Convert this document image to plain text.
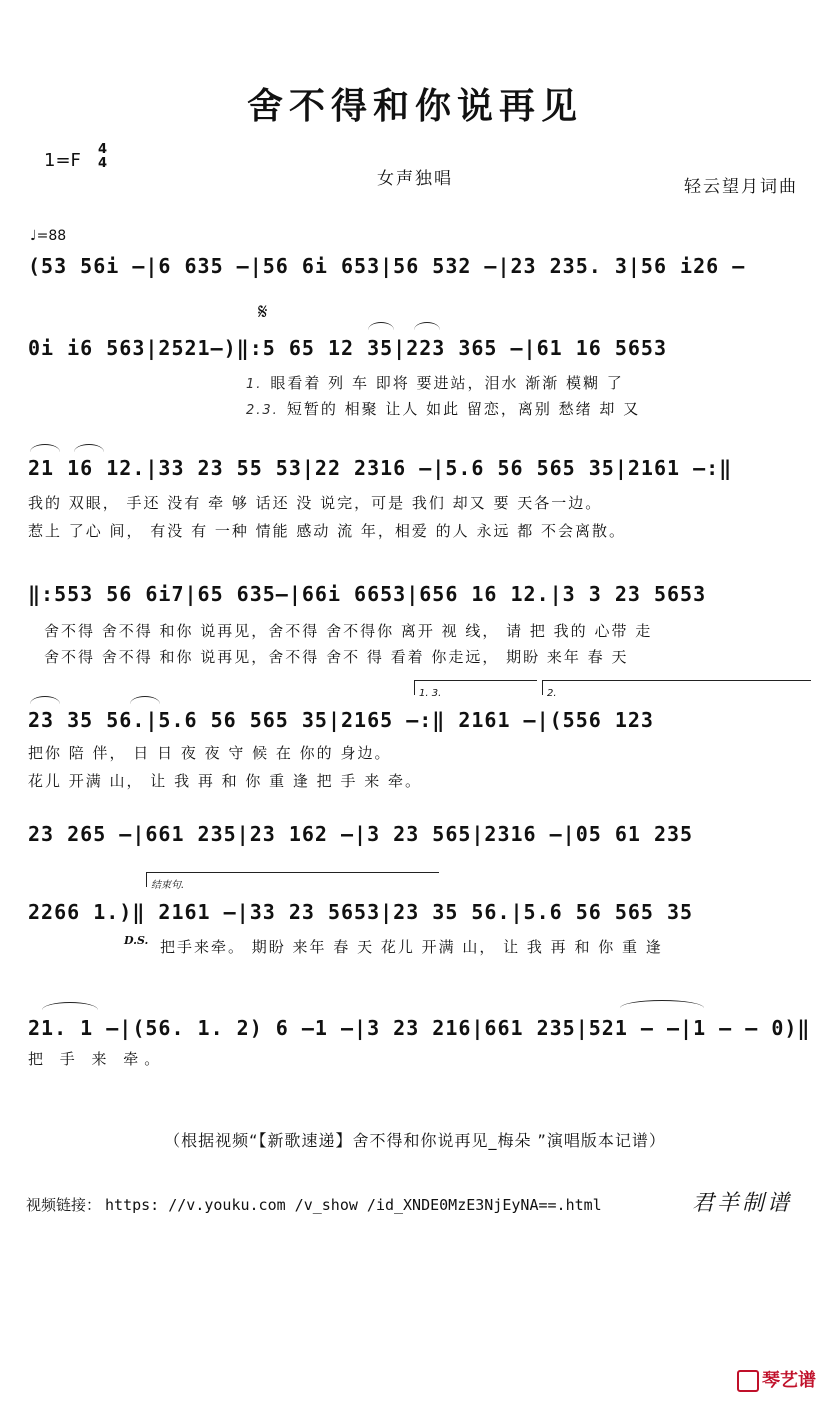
舍不得和你说再见
1=F
4
4
女声独唱	轻云望月词曲
♩=88
(53 56i –|6 635 –|56 6i 653|56 532 –|23 235. 3|56 i26 –
𝄋
0i i6 563|2521–)‖:5 65 12 35|223 365 –|61 16 5653
1. 眼看着 列 车 即将 要进站，泪水 渐渐 模糊 了
2.3. 短暂的 相聚 让人 如此 留恋，离别 愁绪 却 又
21 16 12.|33 23 55 53|22 2316 –|5.6 56 565 35|2161 –:‖
我的 双眼， 手还 没有 牵 够 话还 没 说完，可是 我们 却又 要 天各一边。
惹上 了心 间， 有没 有 一种 情能 感动 流 年，相爱 的人 永远 都 不会离散。
‖:553 56 6i7|65 635–|66i 6653|656 16 12.|3 3 23 5653
舍不得 舍不得 和你 说再见，舍不得 舍不得你 离开 视 线， 请 把 我的 心带 走
舍不得 舍不得 和你 说再见，舍不得 舍不 得 看着 你走远， 期盼 来年 春 天
1. 3.	2.
23 35 56.|5.6 56 565 35|2165 –:‖ 2161 –|(556 123
把你 陪 伴， 日 日 夜 夜 守 候 在 你的 身边。
花儿 开满 山， 让 我 再 和 你 重 逢 把 手 来 牵。
23 265 –|661 235|23 162 –|3 23 565|2316 –|05 61 235
结束句.
2266 1.)‖ 2161 –|33 23 5653|23 35 56.|5.6 56 565 35
D.S. 把手来牵。 期盼 来年 春 天 花儿 开满 山， 让 我 再 和 你 重 逢
21. 1 –|(56. 1. 2) 6 –1 –|3 23 216|661 235|521 – –|1 – – 0)‖
把 手 来 牵。
（根据视频“【新歌速递】舍不得和你说再见_梅朵 ”演唱版本记谱）
视频链接： https: //v.youku.com /v_show /id_XNDE0MzE3NjEyNA==.html	君羊制谱
琴艺谱
